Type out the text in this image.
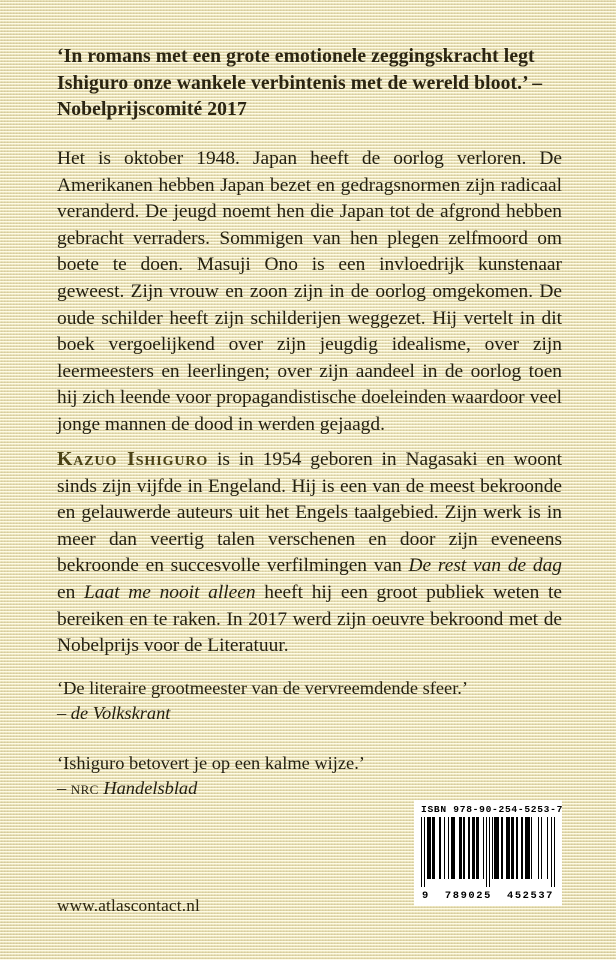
‘In romans met een grote emotionele zeggingskracht legt Ishiguro onze wankele verbintenis met de wereld bloot.’ – Nobelprijscomité 2017
Het is oktober 1948. Japan heeft de oorlog verloren. De Amerikanen hebben Japan bezet en gedragsnormen zijn radicaal veranderd. De jeugd noemt hen die Japan tot de afgrond hebben gebracht verraders. Sommigen van hen plegen zelfmoord om boete te doen. Masuji Ono is een invloedrijk kunstenaar geweest. Zijn vrouw en zoon zijn in de oorlog omgekomen. De oude schilder heeft zijn schilderijen weggezet. Hij vertelt in dit boek vergoelijkend over zijn jeugdig idealisme, over zijn leermeesters en leerlingen; over zijn aandeel in de oorlog toen hij zich leende voor propagandistische doeleinden waardoor veel jonge mannen de dood in werden gejaagd.
Kazuo Ishiguro is in 1954 geboren in Nagasaki en woont sinds zijn vijfde in Engeland. Hij is een van de meest bekroonde en gelauwerde auteurs uit het Engels taalgebied. Zijn werk is in meer dan veertig talen verschenen en door zijn eveneens bekroonde en succesvolle verfilmingen van De rest van de dag en Laat me nooit alleen heeft hij een groot publiek weten te bereiken en te raken. In 2017 werd zijn oeuvre bekroond met de Nobelprijs voor de Literatuur.
‘De literaire grootmeester van de vervreemdende sfeer.’
– de Volkskrant
‘Ishiguro betovert je op een kalme wijze.’
– nrc Handelsblad
www.atlascontact.nl
ISBN 978-90-254-5253-7
9 789025 452537
